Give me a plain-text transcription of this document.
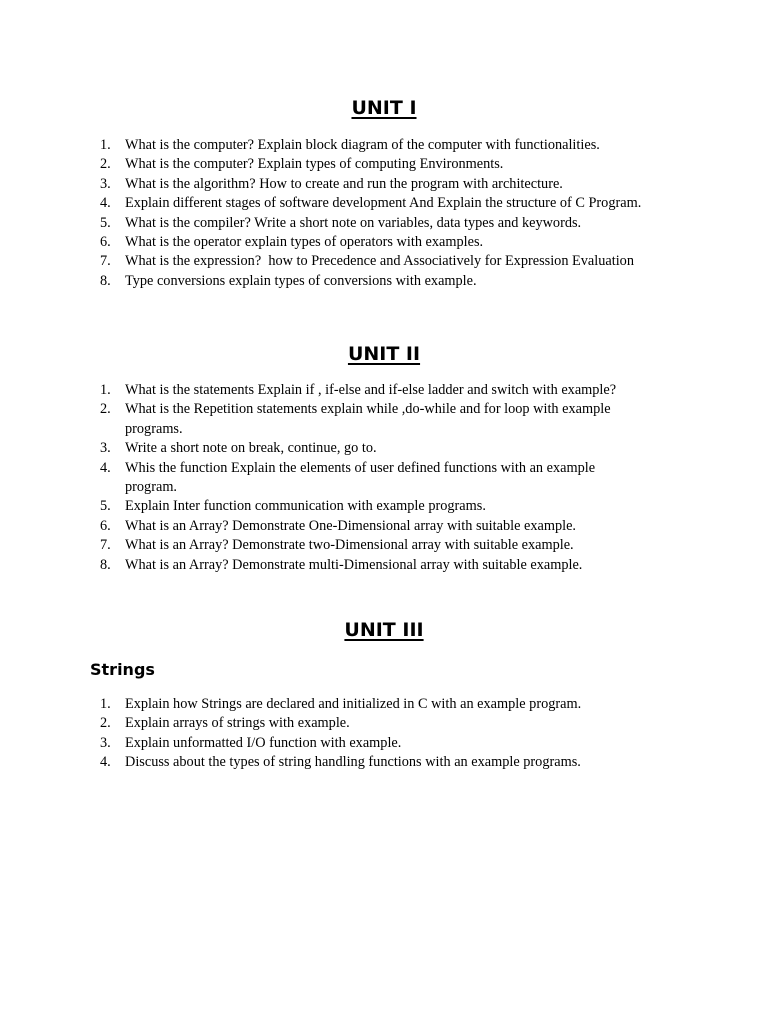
UNIT I
1. What is the computer? Explain block diagram of the computer with functionalities.
2. What is the computer? Explain types of computing Environments.
3. What is the algorithm? How to create and run the program with architecture.
4. Explain different stages of software development And Explain the structure of C Program.
5. What is the compiler? Write a short note on variables, data types and keywords.
6. What is the operator explain types of operators with examples.
7. What is the expression?  how to Precedence and Associatively for Expression Evaluation
8. Type conversions explain types of conversions with example.
UNIT II
1. What is the statements Explain if , if-else and if-else ladder and switch with example?
2. What is the Repetition statements explain while ,do-while and for loop with example programs.
3. Write a short note on break, continue, go to.
4. Whis the function Explain the elements of user defined functions with an example program.
5. Explain Inter function communication with example programs.
6. What is an Array? Demonstrate One-Dimensional array with suitable example.
7. What is an Array? Demonstrate two-Dimensional array with suitable example.
8. What is an Array? Demonstrate multi-Dimensional array with suitable example.
UNIT III
Strings
1. Explain how Strings are declared and initialized in C with an example program.
2. Explain arrays of strings with example.
3. Explain unformatted I/O function with example.
4. Discuss about the types of string handling functions with an example programs.
